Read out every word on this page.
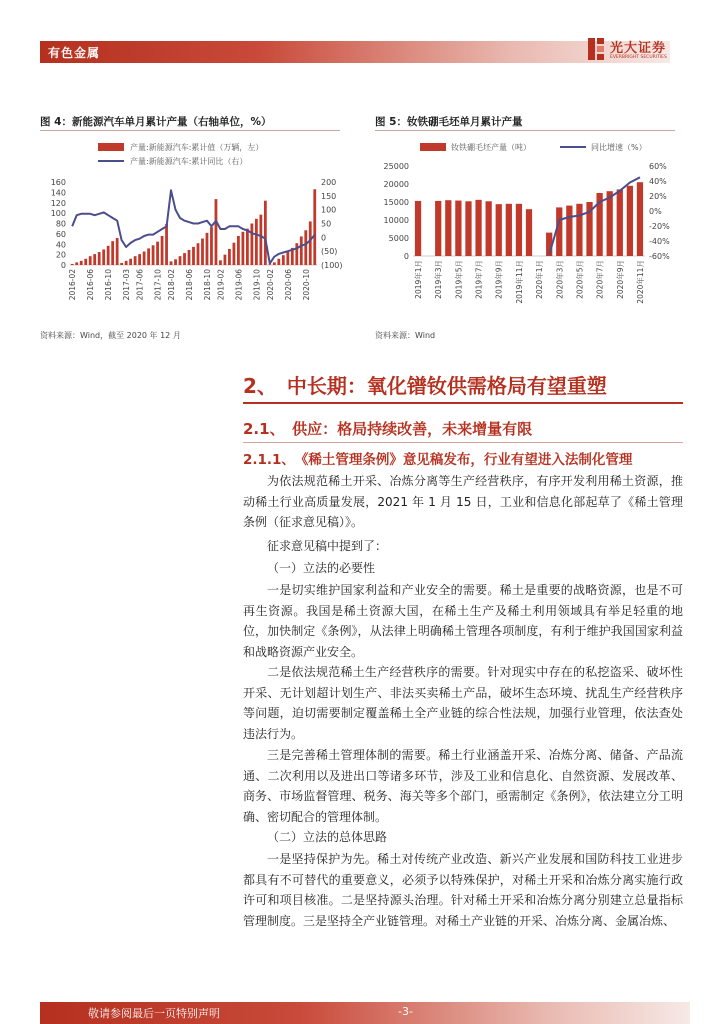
有色金属	光大证券
EVERBRIGHT SECURITIES
图 4：新能源汽车单月累计产量（右轴单位，%）
产量:新能源汽车:累计值（万辆，左）
产量:新能源汽车:累计同比（右）
160
140
120
100
80
60
40
20
0
200
150
100
50
0
(50)
(100)
2016-02 2016-06 2016-10 2017-03 2017-06 2017-10 2018-02 2018-06 2018-10 2019-02 2019-06 2019-10 2020-02 2020-06 2020-10
资料来源：Wind，截至 2020 年 12 月
图 5：钕铁硼毛坯单月累计产量
钕铁硼毛坯产量（吨）	同比增速（%）
25000
20000
15000
10000
5000
0
60%
40%
20%
0%
-20%
-40%
-60%
2019年1月 2019年3月 2019年5月 2019年7月 2019年9月 2019年11月 2020年1月 2020年3月 2020年5月 2020年7月 2020年9月 2020年11月
资料来源：Wind
2、　中长期：氧化镨钕供需格局有望重塑
2.1、　供应：格局持续改善，未来增量有限
2.1.1、　《稀土管理条例》意见稿发布，行业有望进入法制化管理
为依法规范稀土开采、冶炼分离等生产经营秩序，有序开发利用稀土资源，推动稀土行业高质量发展，2021 年 1 月 15 日，工业和信息化部起草了《稀土管理条例（征求意见稿）》。
征求意见稿中提到了：
（一）立法的必要性
一是切实维护国家利益和产业安全的需要。稀土是重要的战略资源，也是不可再生资源。我国是稀土资源大国，在稀土生产及稀土利用领域具有举足轻重的地位，加快制定《条例》，从法律上明确稀土管理各项制度，有利于维护我国国家利益和战略资源产业安全。
二是依法规范稀土生产经营秩序的需要。针对现实中存在的私挖盗采、破坏性开采、无计划超计划生产、非法买卖稀土产品，破坏生态环境、扰乱生产经营秩序等问题，迫切需要制定覆盖稀土全产业链的综合性法规，加强行业管理，依法查处违法行为。
三是完善稀土管理体制的需要。稀土行业涵盖开采、冶炼分离、储备、产品流通、二次利用以及进出口等诸多环节，涉及工业和信息化、自然资源、发展改革、商务、市场监督管理、税务、海关等多个部门，亟需制定《条例》，依法建立分工明确、密切配合的管理体制。
（二）立法的总体思路
一是坚持保护为先。稀土对传统产业改造、新兴产业发展和国防科技工业进步都具有不可替代的重要意义，必须予以特殊保护，对稀土开采和冶炼分离实施行政许可和项目核准。二是坚持源头治理。针对稀土开采和冶炼分离分别建立总量指标管理制度。三是坚持全产业链管理。对稀土产业链的开采、冶炼分离、金属冶炼、
敬请参阅最后一页特别声明	-3-
